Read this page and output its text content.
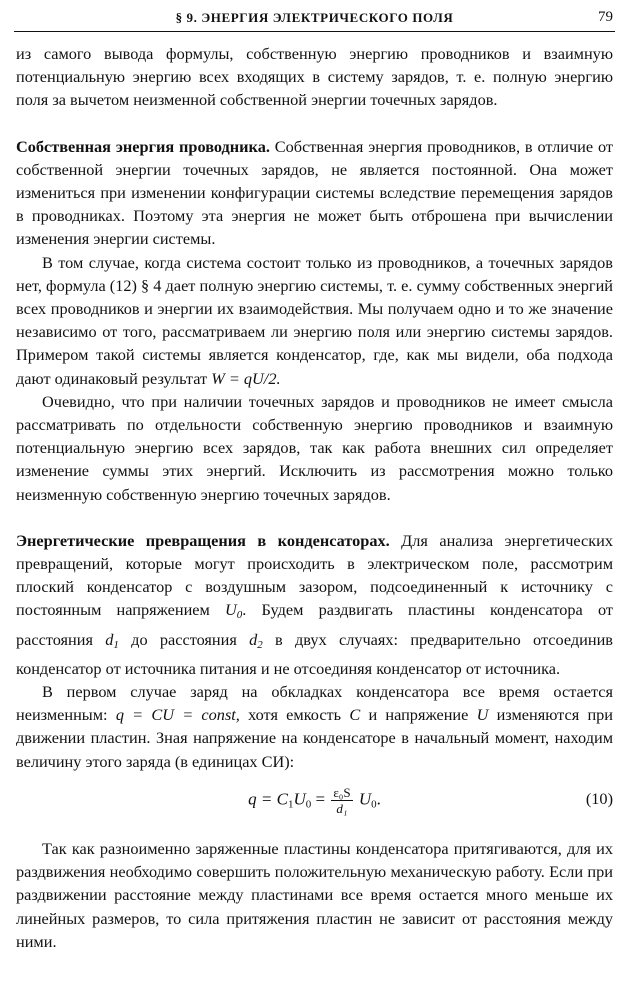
§ 9. ЭНЕРГИЯ ЭЛЕКТРИЧЕСКОГО ПОЛЯ	79

из самого вывода формулы, собственную энергию проводников и взаимную потенциальную энергию всех входящих в систему зарядов, т. е. полную энергию поля за вычетом неизменной собственной энергии точечных зарядов.

Собственная энергия проводника. Собственная энергия проводников, в отличие от собственной энергии точечных зарядов, не является постоянной. Она может измениться при изменении конфигурации системы вследствие перемещения зарядов в проводниках. Поэтому эта энергия не может быть отброшена при вычислении изменения энергии системы.

В том случае, когда система состоит только из проводников, а точечных зарядов нет, формула (12) § 4 дает полную энергию системы, т. е. сумму собственных энергий всех проводников и энергии их взаимодействия. Мы получаем одно и то же значение независимо от того, рассматриваем ли энергию поля или энергию системы зарядов. Примером такой системы является конденсатор, где, как мы видели, оба подхода дают одинаковый результат W = qU/2.

Очевидно, что при наличии точечных зарядов и проводников не имеет смысла рассматривать по отдельности собственную энергию проводников и взаимную потенциальную энергию всех зарядов, так как работа внешних сил определяет изменение суммы этих энергий. Исключить из рассмотрения можно только неизменную собственную энергию точечных зарядов.

Энергетические превращения в конденсаторах. Для анализа энергетических превращений, которые могут происходить в электрическом поле, рассмотрим плоский конденсатор с воздушным зазором, подсоединенный к источнику с постоянным напряжением $U_0$. Будем раздвигать пластины конденсатора от расстояния $d_1$ до расстояния $d_2$ в двух случаях: предварительно отсоединив конденсатор от источника питания и не отсоединяя конденсатор от источника.

В первом случае заряд на обкладках конденсатора все время остается неизменным: q = CU = const, хотя емкость C и напряжение U изменяются при движении пластин. Зная напряжение на конденсаторе в начальный момент, находим величину этого заряда (в единицах СИ):

$q = C_1U_0 = \frac{\text{ε₀S}}{\text{d₁}} U_0$.	(10)

Так как разноименно заряженные пластины конденсатора притягиваются, для их раздвижения необходимо совершить положительную механическую работу. Если при раздвижении расстояние между пластинами все время остается много меньше их линейных размеров, то сила притяжения пластин не зависит от расстояния между ними.
